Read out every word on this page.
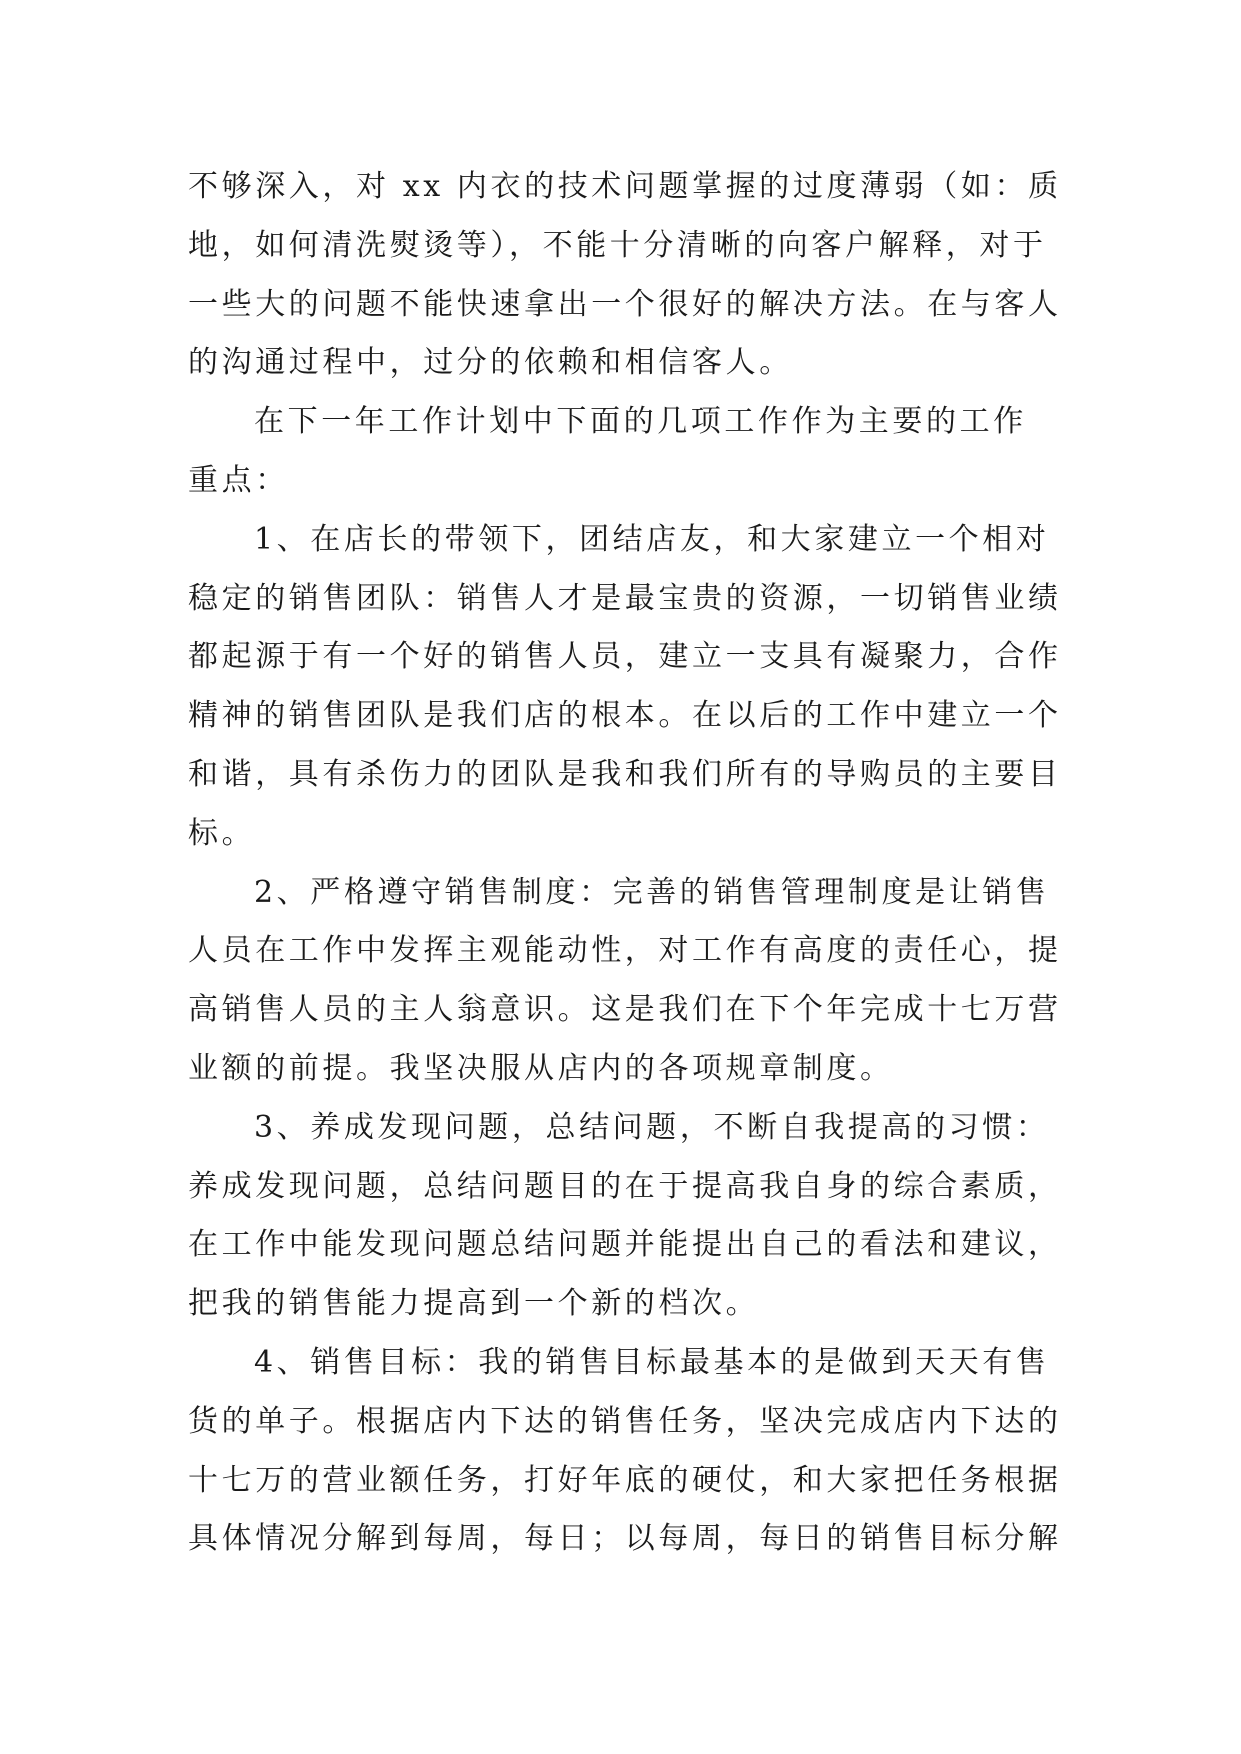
不够深入，对 xx 内衣的技术问题掌握的过度薄弱（如：质
地，如何清洗熨烫等），不能十分清晰的向客户解释，对于
一些大的问题不能快速拿出一个很好的解决方法。在与客人
的沟通过程中，过分的依赖和相信客人。
在下一年工作计划中下面的几项工作作为主要的工作
重点：
1、在店长的带领下，团结店友，和大家建立一个相对
稳定的销售团队：销售人才是最宝贵的资源，一切销售业绩
都起源于有一个好的销售人员，建立一支具有凝聚力，合作
精神的销售团队是我们店的根本。在以后的工作中建立一个
和谐，具有杀伤力的团队是我和我们所有的导购员的主要目
标。
2、严格遵守销售制度：完善的销售管理制度是让销售
人员在工作中发挥主观能动性，对工作有高度的责任心，提
高销售人员的主人翁意识。这是我们在下个年完成十七万营
业额的前提。我坚决服从店内的各项规章制度。
3、养成发现问题，总结问题，不断自我提高的习惯：
养成发现问题，总结问题目的在于提高我自身的综合素质，
在工作中能发现问题总结问题并能提出自己的看法和建议，
把我的销售能力提高到一个新的档次。
4、销售目标：我的销售目标最基本的是做到天天有售
货的单子。根据店内下达的销售任务，坚决完成店内下达的
十七万的营业额任务，打好年底的硬仗，和大家把任务根据
具体情况分解到每周，每日；以每周，每日的销售目标分解
